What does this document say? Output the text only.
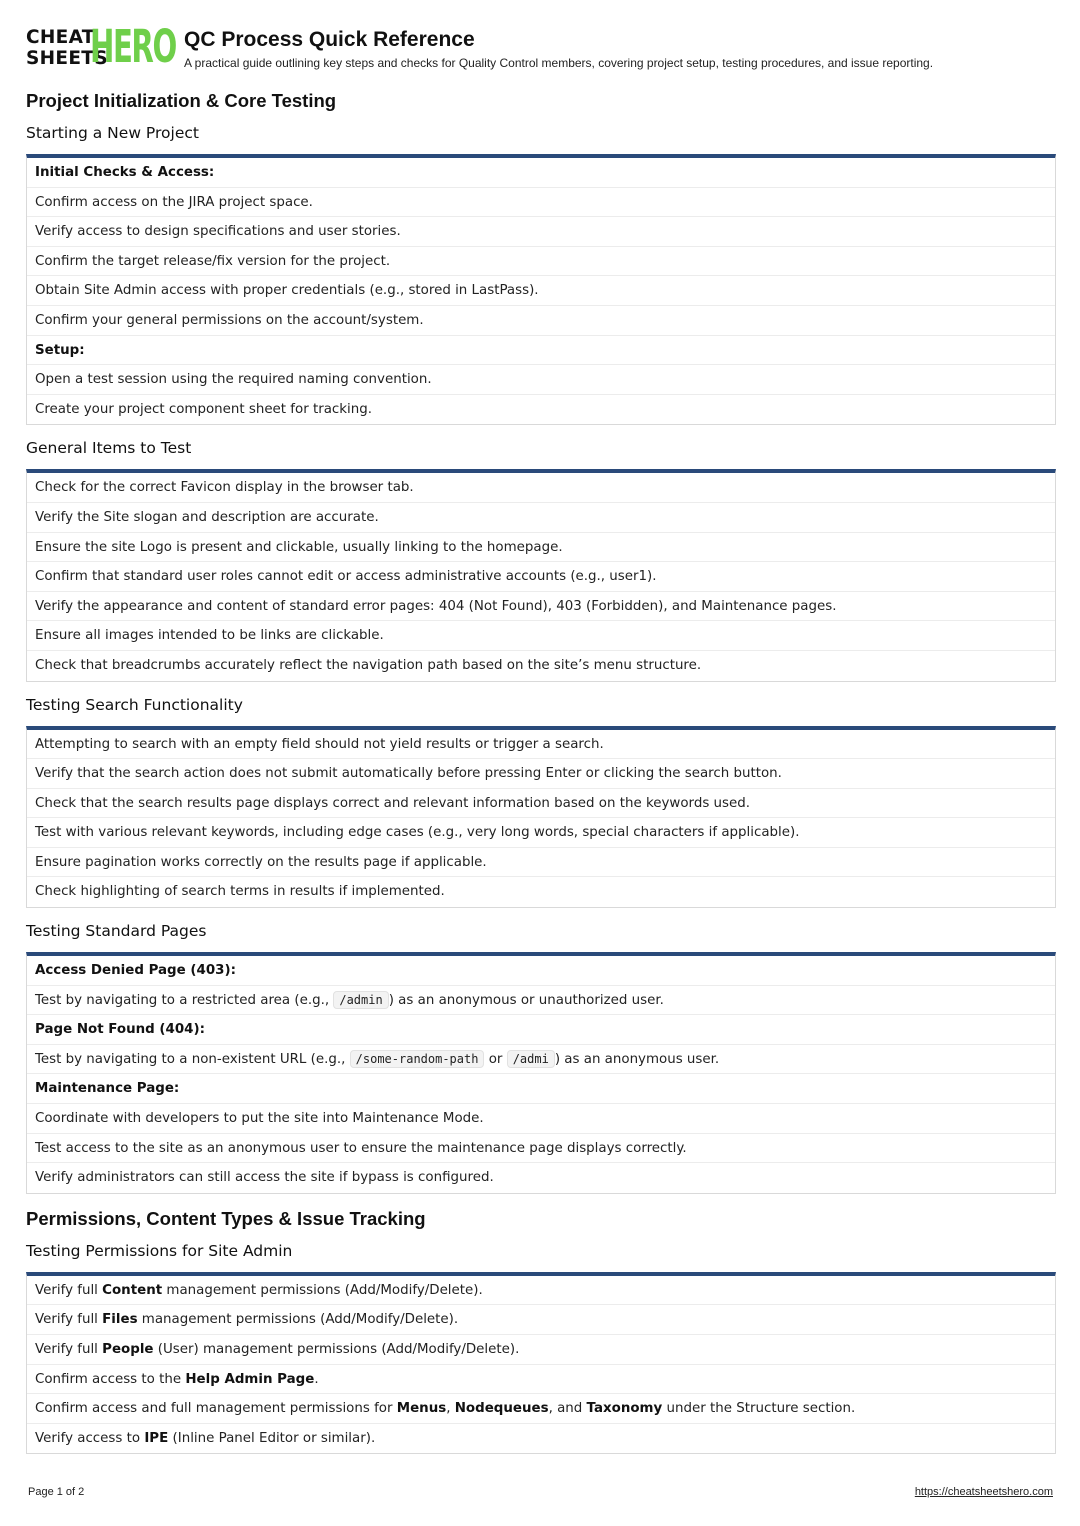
CHEAT
SHEETS
HERO QC Process Quick Reference
A practical guide outlining key steps and checks for Quality Control members, covering project setup, testing procedures, and issue reporting.
Project Initialization & Core Testing
Starting a New Project
Initial Checks & Access:
Confirm access on the JIRA project space.
Verify access to design specifications and user stories.
Confirm the target release/fix version for the project.
Obtain Site Admin access with proper credentials (e.g., stored in LastPass).
Confirm your general permissions on the account/system.
Setup:
Open a test session using the required naming convention.
Create your project component sheet for tracking.
General Items to Test
Check for the correct Favicon display in the browser tab.
Verify the Site slogan and description are accurate.
Ensure the site Logo is present and clickable, usually linking to the homepage.
Confirm that standard user roles cannot edit or access administrative accounts (e.g., user1).
Verify the appearance and content of standard error pages: 404 (Not Found), 403 (Forbidden), and Maintenance pages.
Ensure all images intended to be links are clickable.
Check that breadcrumbs accurately reflect the navigation path based on the site’s menu structure.
Testing Search Functionality
Attempting to search with an empty field should not yield results or trigger a search.
Verify that the search action does not submit automatically before pressing Enter or clicking the search button.
Check that the search results page displays correct and relevant information based on the keywords used.
Test with various relevant keywords, including edge cases (e.g., very long words, special characters if applicable).
Ensure pagination works correctly on the results page if applicable.
Check highlighting of search terms in results if implemented.
Testing Standard Pages
Access Denied Page (403):
Test by navigating to a restricted area (e.g., /admin ) as an anonymous or unauthorized user.
Page Not Found (404):
Test by navigating to a non-existent URL (e.g., /some-random-path or /admi ) as an anonymous user.
Maintenance Page:
Coordinate with developers to put the site into Maintenance Mode.
Test access to the site as an anonymous user to ensure the maintenance page displays correctly.
Verify administrators can still access the site if bypass is configured.
Permissions, Content Types & Issue Tracking
Testing Permissions for Site Admin
Verify full Content management permissions (Add/Modify/Delete).
Verify full Files management permissions (Add/Modify/Delete).
Verify full People (User) management permissions (Add/Modify/Delete).
Confirm access to the Help Admin Page.
Confirm access and full management permissions for Menus, Nodequeues, and Taxonomy under the Structure section.
Verify access to IPE (Inline Panel Editor or similar).
Page 1 of 2	https://cheatsheetshero.com
